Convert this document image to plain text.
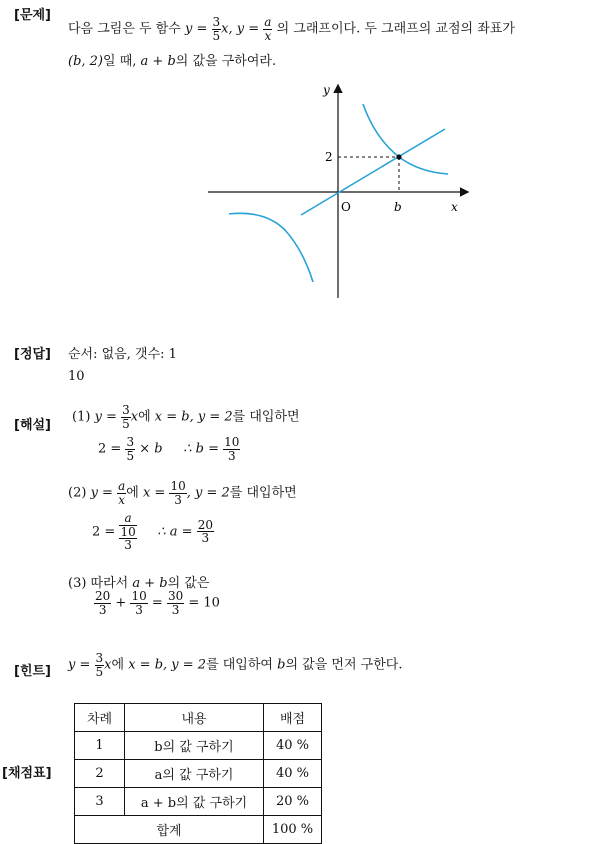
[문제]
다음 그림은 두 함수 $y = \frac{3}{5} x$, $y = \frac{a}{x}$ 의 그래프이다. 두 그래프의 교점의 좌표가
(b, 2)일 때, a + b의 값을 구하여라.
y
x
O
2
b
[정답] 순서: 없음, 갯수: 1
10
[해설]
(1) $y = \frac{3}{5}$ x에 x = b, y = 2를 대입하면
$2 = \frac{3}{5} \times b$ ∴ $b = \frac{10}{3}$
(2) $y = \frac{a}{x}$ 에 $x = \frac{10}{3}$ , y = 2를 대입하면
$2 = \frac{a}{\frac{10}{3}}$ ∴ $a = \frac{20}{3}$
(3) 따라서 a + b의 값은
$\frac{20}{3} + \frac{10}{3} = \frac{30}{3} = 10$
[힌트] $y = \frac{3}{5}$ x에 x = b, y = 2를 대입하여 b의 값을 먼저 구한다.
[채점표]
차례	내용	배점
1	b의 값 구하기	40 %
2	a의 값 구하기	40 %
3	a + b의 값 구하기	20 %
합계		100 %
